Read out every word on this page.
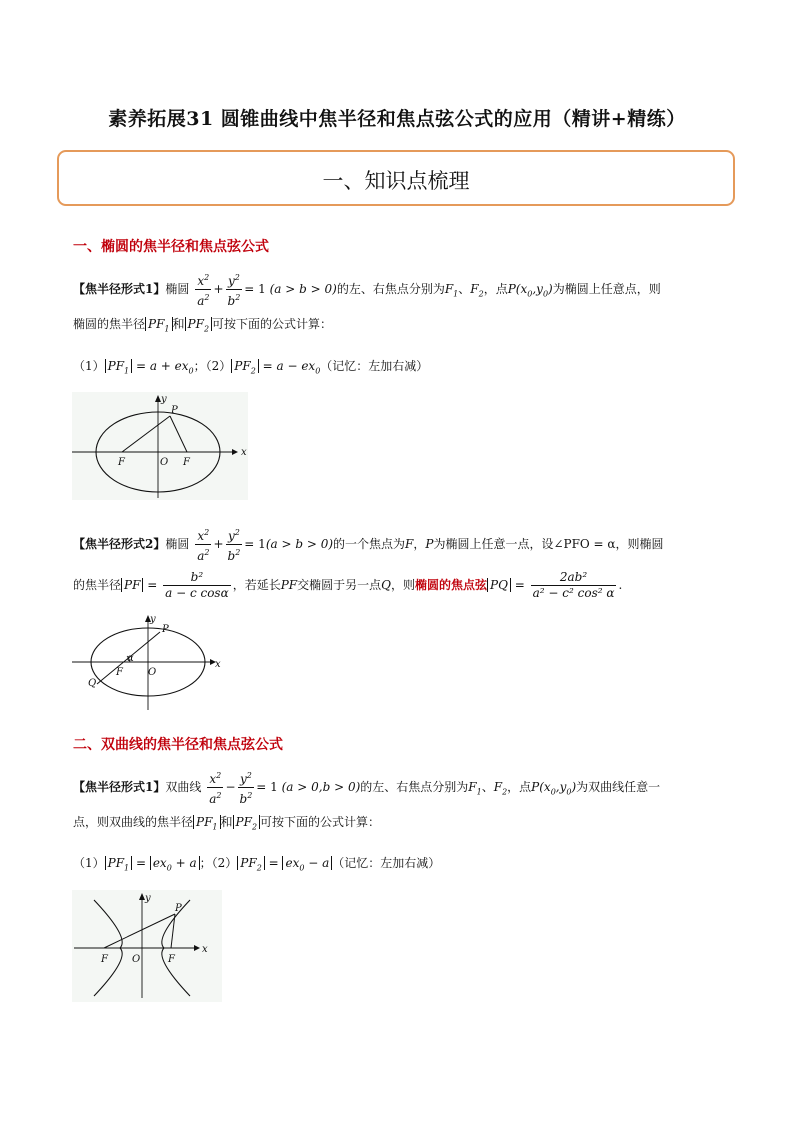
素养拓展31 圆锥曲线中焦半径和焦点弦公式的应用（精讲+精练）
一、知识点梳理
一、椭圆的焦半径和焦点弦公式
【焦半径形式1】椭圆 $\frac{x^2}{a^2} + \frac{y^2}{b^2} = 1$ (a > b > 0)的左、右焦点分别为$F_1$、$F_2$，点$P(x_0,y_0)$为椭圆上任意点，则
椭圆的焦半径 $PF_1$ 和 $PF_2$ 可按下面的公式计算：
（1） $PF_1 = a + ex_0$；（2） $PF_2 = a - ex_0$（记忆：左加右减）
x
y
P
F	O F
【焦半径形式2】椭圆 $\frac{x^2}{a^2} + \frac{y^2}{b^2} = 1(a > b > 0)$的一个焦点为F，P为椭圆上任意一点，设∠PFO = α，则椭圆
的焦半径 PF = $\frac{\text{b²}}{\text{a − c cosα}}$ ，若延长PF交椭圆于另一点Q，则椭圆的焦点弦 PQ = $\frac{\text{2ab²}}{\text{a² − c² cos² α}}$ .
y
x
P
α
F	O
Q
二、双曲线的焦半径和焦点弦公式
【焦半径形式1】双曲线 $\frac{x^2}{a^2} - \frac{y^2}{b^2} = 1$ (a > 0,b > 0)的左、右焦点分别为$F_1$、$F_2$，点$P(x_0,y_0)$为双曲线任意一
点，则双曲线的焦半径 $PF_1$ 和 $PF_2$ 可按下面的公式计算：
（1） $PF_1 = ex_0 + a$ ；（2） $PF_2 = ex_0 - a$ （记忆：左加右减）
y
x
P
F O	F
